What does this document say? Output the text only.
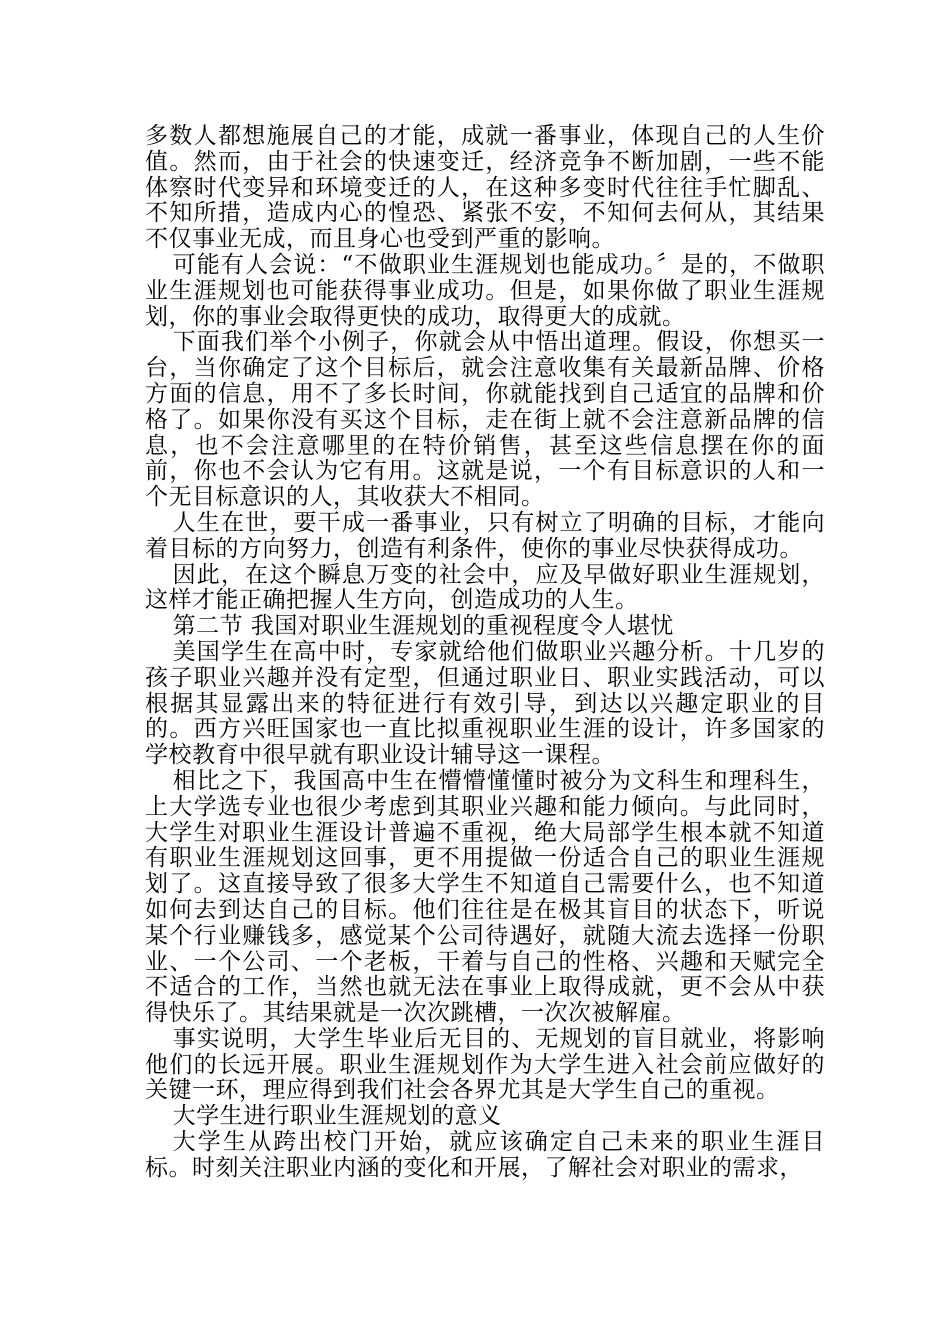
多数人都想施展自己的才能，成就一番事业，体现自己的人生价值。然而，由于社会的快速变迁，经济竞争不断加剧，一些不能体察时代变异和环境变迁的人，在这种多变时代往往手忙脚乱、不知所措，造成内心的惶恐、紧张不安，不知何去何从，其结果不仅事业无成，而且身心也受到严重的影响。

可能有人会说：“不做职业生涯规划也能成功。〞是的，不做职业生涯规划也可能获得事业成功。但是，如果你做了职业生涯规划，你的事业会取得更快的成功，取得更大的成就。

下面我们举个小例子，你就会从中悟出道理。假设，你想买一台，当你确定了这个目标后，就会注意收集有关最新品牌、价格方面的信息，用不了多长时间，你就能找到自己适宜的品牌和价格了。如果你没有买这个目标，走在街上就不会注意新品牌的信息，也不会注意哪里的在特价销售，甚至这些信息摆在你的面前，你也不会认为它有用。这就是说，一个有目标意识的人和一个无目标意识的人，其收获大不相同。

人生在世，要干成一番事业，只有树立了明确的目标，才能向着目标的方向努力，创造有利条件，使你的事业尽快获得成功。

因此，在这个瞬息万变的社会中，应及早做好职业生涯规划，这样才能正确把握人生方向，创造成功的人生。

第二节 我国对职业生涯规划的重视程度令人堪忧

美国学生在高中时，专家就给他们做职业兴趣分析。十几岁的孩子职业兴趣并没有定型，但通过职业日、职业实践活动，可以根据其显露出来的特征进行有效引导，到达以兴趣定职业的目的。西方兴旺国家也一直比拟重视职业生涯的设计，许多国家的学校教育中很早就有职业设计辅导这一课程。

相比之下，我国高中生在懵懵懂懂时被分为文科生和理科生，上大学选专业也很少考虑到其职业兴趣和能力倾向。与此同时，大学生对职业生涯设计普遍不重视，绝大局部学生根本就不知道有职业生涯规划这回事，更不用提做一份适合自己的职业生涯规划了。这直接导致了很多大学生不知道自己需要什么，也不知道如何去到达自己的目标。他们往往是在极其盲目的状态下，听说某个行业赚钱多，感觉某个公司待遇好，就随大流去选择一份职业、一个公司、一个老板，干着与自己的性格、兴趣和天赋完全不适合的工作，当然也就无法在事业上取得成就，更不会从中获得快乐了。其结果就是一次次跳槽，一次次被解雇。

事实说明，大学生毕业后无目的、无规划的盲目就业，将影响他们的长远开展。职业生涯规划作为大学生进入社会前应做好的关键一环，理应得到我们社会各界尤其是大学生自己的重视。

大学生进行职业生涯规划的意义

大学生从跨出校门开始，就应该确定自己未来的职业生涯目标。时刻关注职业内涵的变化和开展，了解社会对职业的需求，
